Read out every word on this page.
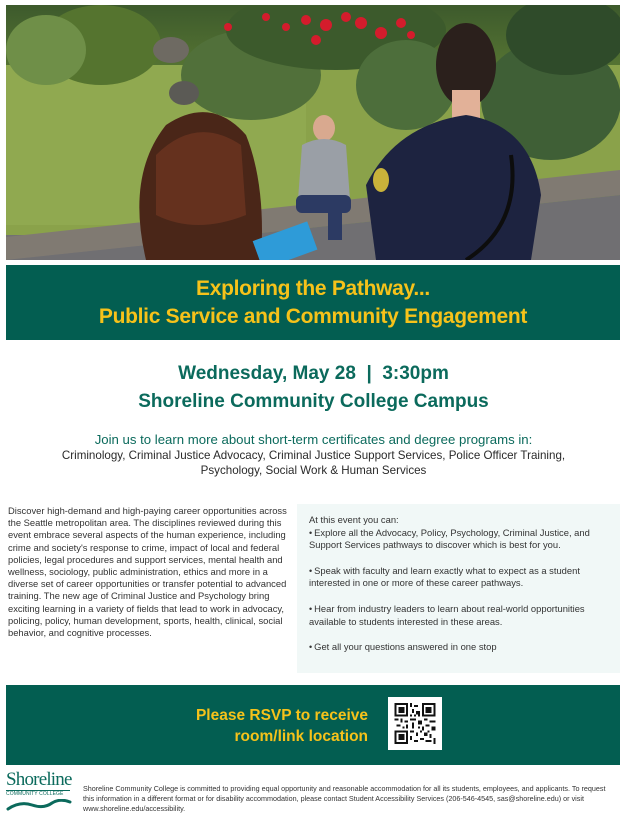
Exploring the Pathway...
Public Service and Community Engagement
Wednesday, May 28  |  3:30pm
Shoreline Community College Campus
Join us to learn more about short-term certificates and degree programs in:
Criminology, Criminal Justice Advocacy, Criminal Justice Support Services, Police Officer Training, Psychology, Social Work & Human Services
Discover high-demand and high-paying career opportunities across the Seattle metropolitan area. The disciplines reviewed during this event embrace several aspects of the human experience, including crime and society's response to crime, impact of local and federal policies, legal procedures and support services, mental health and wellness, sociology, public administration, ethics and more in a diverse set of career opportunities or transfer potential to advanced training. The new age of Criminal Justice and Psychology bring exciting learning in a variety of fields that lead to work in advocacy, policing, policy, human development, sports, health, clinical, social behavior, and cognitive processes.
At this event you can:
• Explore all the Advocacy, Policy, Psychology, Criminal Justice, and Support Services pathways to discover which is best for you.
• Speak with faculty and learn exactly what to expect as a student interested in one or more of these career pathways.
• Hear from industry leaders to learn about real-world opportunities available to students interested in these areas.
• Get all your questions answered in one stop
Please RSVP to receive
room/link location
Shoreline
COMMUNITY COLLEGE
Shoreline Community College is committed to providing equal opportunity and reasonable accommodation for all its students, employees, and applicants. To request this information in a different format or for disability accommodation, please contact Student Accessibility Services (206-546-4545, sas@shoreline.edu) or visit www.shoreline.edu/accessibility.
